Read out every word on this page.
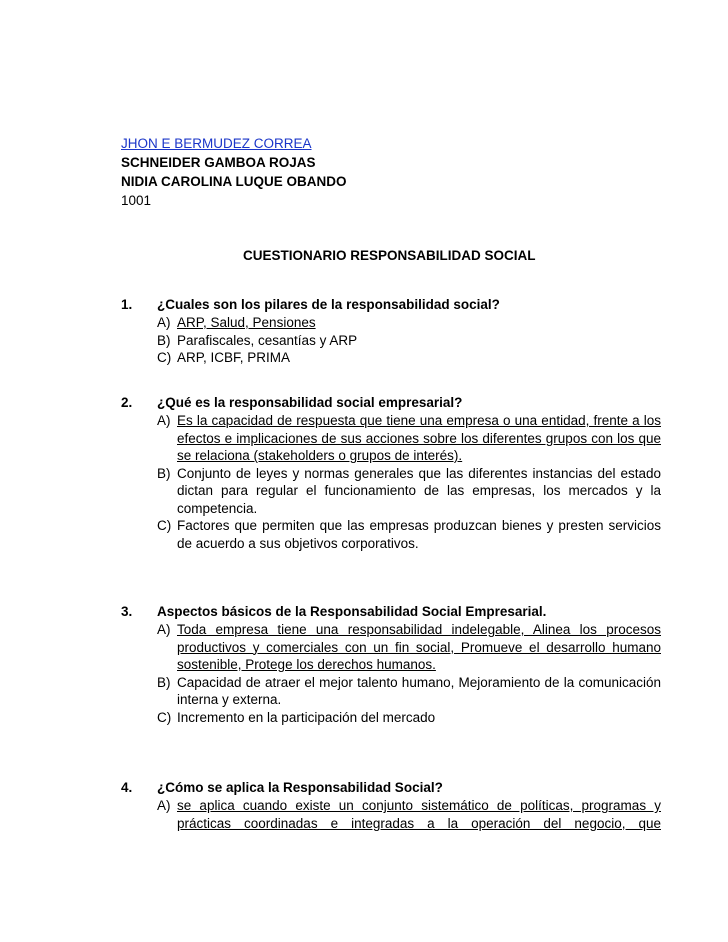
JHON E BERMUDEZ CORREA
SCHNEIDER GAMBOA ROJAS
NIDIA CAROLINA LUQUE OBANDO
1001
CUESTIONARIO RESPONSABILIDAD SOCIAL
1.	¿Cuales son los pilares de la responsabilidad social?
A) ARP, Salud, Pensiones
B) Parafiscales, cesantías y ARP
C) ARP, ICBF, PRIMA
2.	¿Qué es la responsabilidad social empresarial?
A) Es la capacidad de respuesta que tiene una empresa o una entidad, frente a los efectos e implicaciones de sus acciones sobre los diferentes grupos con los que se relaciona (stakeholders o grupos de interés).
B) Conjunto de leyes y normas generales que las diferentes instancias del estado dictan para regular el funcionamiento de las empresas, los mercados y la competencia.
C) Factores que permiten que las empresas produzcan bienes y presten servicios de acuerdo a sus objetivos corporativos.
3.	Aspectos básicos de la Responsabilidad Social Empresarial.
A) Toda empresa tiene una responsabilidad indelegable, Alinea los procesos productivos y comerciales con un fin social, Promueve el desarrollo humano sostenible, Protege los derechos humanos.
B) Capacidad de atraer el mejor talento humano, Mejoramiento de la comunicación interna y externa.
C) Incremento en la participación del mercado
4.	¿Cómo se aplica la Responsabilidad Social?
A) se aplica cuando existe un conjunto sistemático de políticas, programas y prácticas coordinadas e integradas a la operación del negocio, que
